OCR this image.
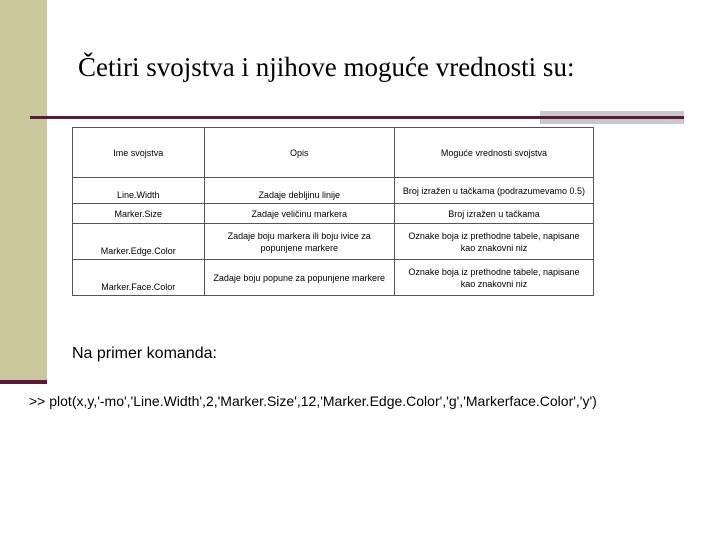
Četiri svojstva i njihove moguće vrednosti su:
Ime svojstva	Opis	Moguće vrednosti svojstva
Line.Width	Zadaje debljinu linije	Broj izražen u tačkama (podrazumevamo 0.5)
Marker.Size	Zadaje veličinu markera	Broj izražen u tačkama
Marker.Edge.Color	Zadaje boju markera ili boju ivice za popunjene markere	Oznake boja iz prethodne tabele, napisane kao znakovni niz
Marker.Face.Color	Zadaje boju popune za popunjene markere	Oznake boja iz prethodne tabele, napisane kao znakovni niz
Na primer komanda:
>> plot(x,y,'-mo','Line.Width',2,'Marker.Size',12,'Marker.Edge.Color','g','Markerface.Color','y')
